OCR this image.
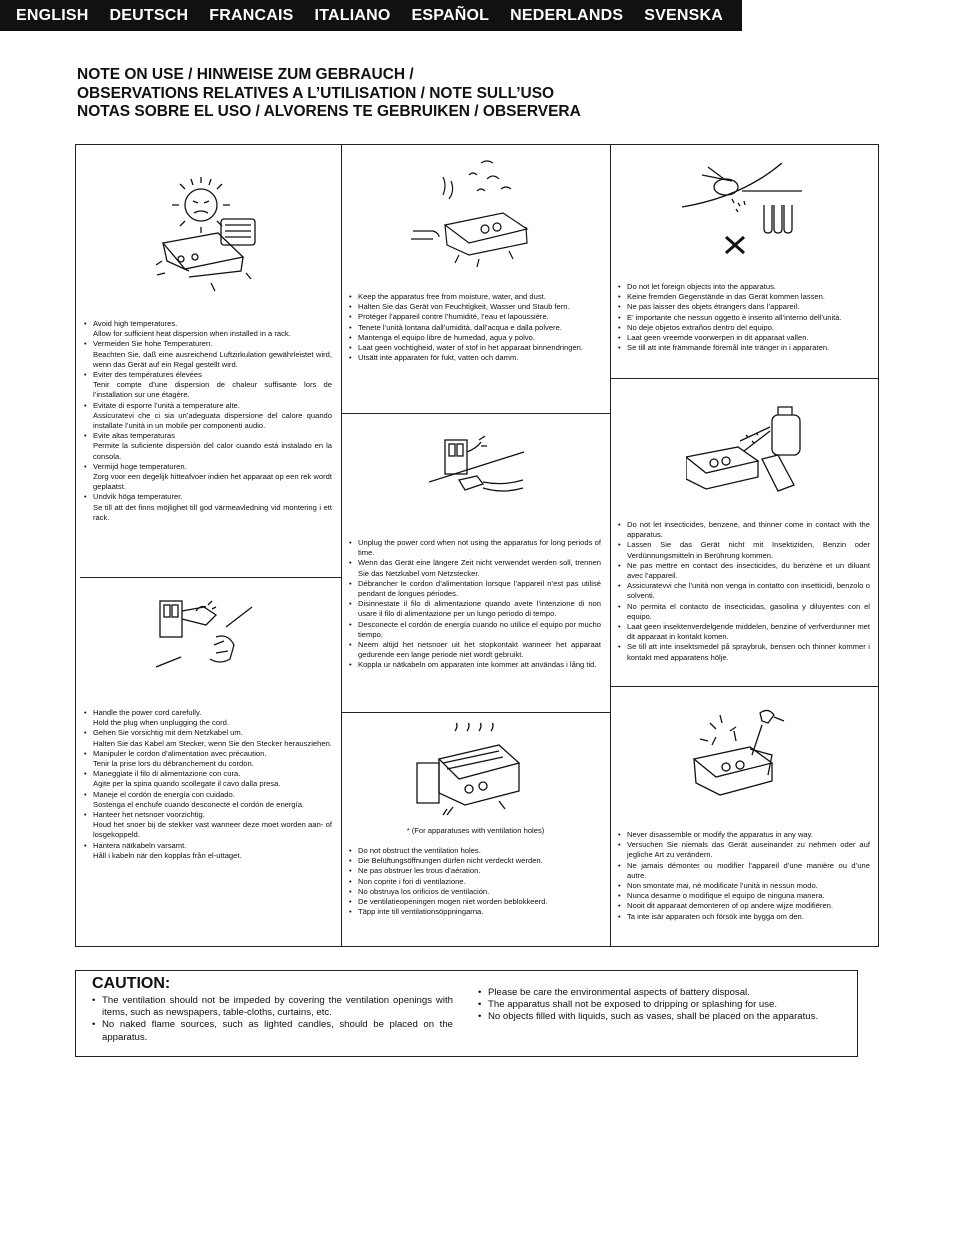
ENGLISH DEUTSCH FRANCAIS ITALIANO ESPAÑOL NEDERLANDS SVENSKA
NOTE ON USE / HINWEISE ZUM GEBRAUCH /
OBSERVATIONS RELATIVES A L’UTILISATION / NOTE SULL’USO
NOTAS SOBRE EL USO / ALVORENS TE GEBRUIKEN / OBSERVERA
• Avoid high temperatures.
Allow for sufficient heat dispersion when installed in a rack.
• Vermeiden Sie hohe Temperaturen.
Beachten Sie, daß eine ausreichend Luftzirkulation gewährleistet wird, wenn das Gerät auf ein Regal gestellt wird.
• Eviter des températures élevées
Tenir compte d’une dispersion de chaleur suffisante lors de l’installation sur une étagère.
• Evitate di esporre l’unità a temperature alte.
Assicuratevi che ci sia un’adeguata dispersione del calore quando installate l’unità in un mobile per componenti audio.
• Evite altas temperaturas
Permite la suficiente dispersión del calor cuando está instalado en la consola.
• Vermijd hoge temperaturen.
Zorg voor een degelijk hitteafvoer indien het apparaat op een rek wordt geplaatst.
• Undvik höga temperaturer.
Se till att det finns möjlighet till god värmeavledning vid montering i ett rack.
• Handle the power cord carefully.
Hold the plug when unplugging the cord.
• Gehen Sie vorsichtig mit dem Netzkabel um.
Halten Sie das Kabel am Stecker, wenn Sie den Stecker herausziehen.
• Manipuler le cordon d’alimentation avec précaution.
Tenir la prise lors du débranchement du cordon.
• Maneggiate il filo di alimentazione con cura.
Agite per la spina quando scollegate il cavo dalla presa.
• Maneje el cordón de energía con cuidado.
Sostenga el enchufe cuando desconecte el cordón de energía.
• Hanteer het netsnoer voorzichtig.
Houd het snoer bij de stekker vast wanneer deze moet worden aan- of losgekoppeld.
• Hantera nätkabeln varsamt.
Håll i kabeln när den kopplas från el-uttaget.
• Keep the apparatus free from moisture, water, and dust.
• Halten Sie das Gerät von Feuchtigkeit, Wasser und Staub fern.
• Protéger l’appareil contre l’humidité, l’eau et lapoussière.
• Tenete l’unità lontana dall’umidità, dall’acqua e dalla polvere.
• Mantenga el equipo libre de humedad, agua y polvo.
• Laat geen vochtigheid, water of stof in het apparaat binnendringen.
• Utsätt inte apparaten för fukt, vatten och damm.
• Unplug the power cord when not using the apparatus for long periods of time.
• Wenn das Gerät eine längere Zeit nicht verwendet werden soll, trennen Sie das Netzkabel vom Netzstecker.
• Débrancher le cordon d’alimentation lorsque l’appareil n’est pas utilisé pendant de longues périodes.
• Disinnestate il filo di alimentazione quando avete l’intenzione di non usare il filo di alimentazione per un lungo periodo di tempo.
• Desconecte el cordón de energía cuando no utilice el equipo por mucho tiempo.
• Neem altijd het netsnoer uit het stopkontakt wanneer het apparaat gedurende een lange periode niet wordt gebruikt.
• Koppla ur nätkabeln om apparaten inte kommer att användas i lång tid.
* (For apparatuses with ventilation holes)
• Do not obstruct the ventilation holes.
• Die Belüftungsöffnungen dürfen nicht verdeckt werden.
• Ne pas obstruer les trous d’aération.
• Non coprite i fori di ventilazione.
• No obstruya los orificios de ventilación.
• De ventilatieopeningen mogen niet worden beblokkeerd.
• Täpp inte till ventilationsöppningarna.
• Do not let foreign objects into the apparatus.
• Keine fremden Gegenstände in das Gerät kommen lassen.
• Ne pas laisser des objets étrangers dans l’appareil.
• E’ importante che nessun oggetto è inserito all’interno dell’unità.
• No deje objetos extraños dentro del equipo.
• Laat geen vreemde voorwerpen in dit apparaat vallen.
• Se till att inte främmande föremål inte tränger in i apparaten.
• Do not let insecticides, benzene, and thinner come in contact with the apparatus.
• Lassen Sie das Gerät nicht mit Insektiziden, Benzin oder Verdünnungsmitteln in Berührung kommen.
• Ne pas mettre en contact des insecticides, du benzène et un diluant avec l’appareil.
• Assicuratevvi che l’unità non venga in contatto con insetticidi, benzolo o solventi.
• No permita el contacto de insecticidas, gasolina y diluyentes con el equipo.
• Laat geen insektenverdelgende middelen, benzine of verfverdunner met dit apparaat in kontakt komen.
• Se till att inte insektsmedel på spraybruk, bensen och thinner kommer i kontakt med apparatens hölje.
• Never disassemble or modify the apparatus in any way.
• Versuchen Sie niemals das Gerät auseinander zu nehmen oder auf jegliche Art zu verändern.
• Ne jamais démonter ou modifier l’appareil d’une manière ou d’une autre.
• Non smontate mai, nè modificate l’unità in nessun modo.
• Nunca desarme o modifique el equipo de ninguna manera.
• Nooit dit apparaat demonteren of op andere wijze modifiëren.
• Ta inte isär apparaten och försök inte bygga om den.
CAUTION:
• The ventilation should not be impeded by covering the ventilation openings with items, such as newspapers, table-cloths, curtains, etc.
• No naked flame sources, such as lighted candles, should be placed on the apparatus.
• Please be care the environmental aspects of battery disposal.
• The apparatus shall not be exposed to dripping or splashing for use.
• No objects filled with liquids, such as vases, shall be placed on the apparatus.
